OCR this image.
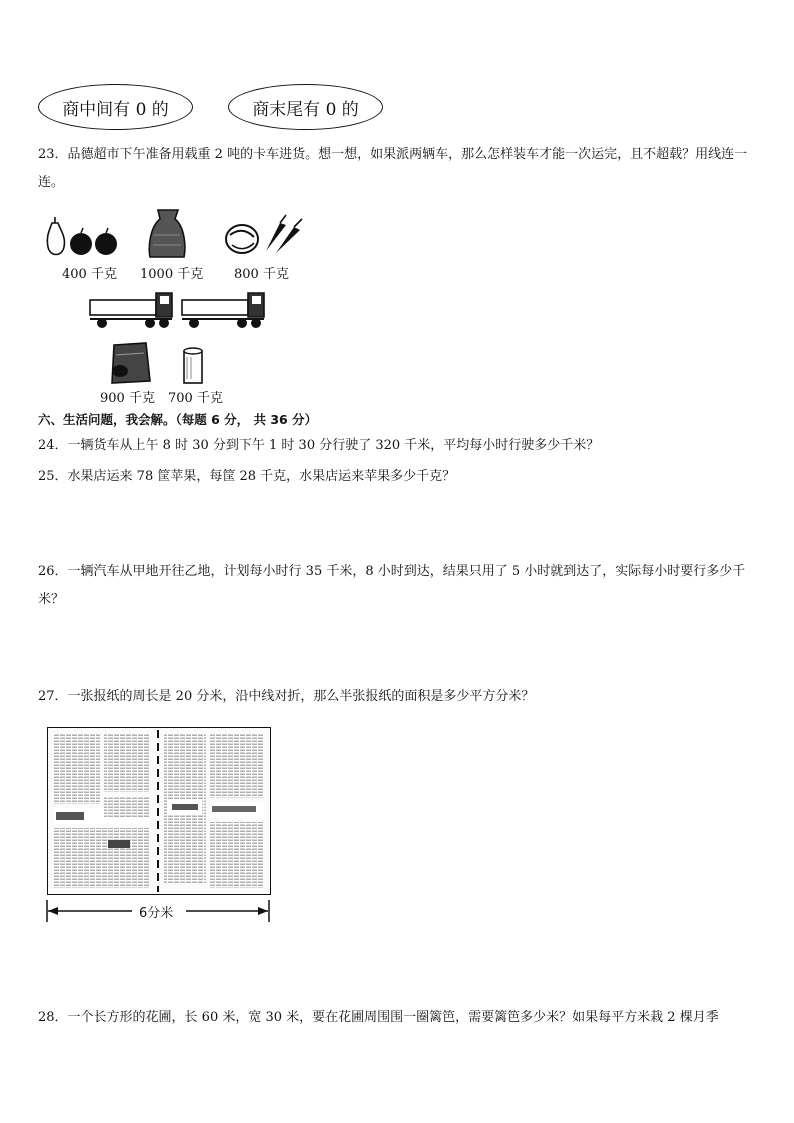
商中间有 0 的	商末尾有 0 的
23．品德超市下午准备用载重 2 吨的卡车进货。想一想，如果派两辆车，那么怎样装车才能一次运完，且不超载？用线连一连。
400 千克 1000 千克 800 千克
900 千克 700 千克
六、生活问题，我会解。（每题 6 分， 共 36 分）
24．一辆货车从上午 8 时 30 分到下午 1 时 30 分行驶了 320 千米，平均每小时行驶多少千米？
25．水果店运来 78 筐苹果，每筐 28 千克，水果店运来苹果多少千克？
26．一辆汽车从甲地开往乙地，计划每小时行 35 千米，8 小时到达，结果只用了 5 小时就到达了，实际每小时要行多少千米？
27．一张报纸的周长是 20 分米，沿中线对折，那么半张报纸的面积是多少平方分米？
6分米
28．一个长方形的花圃，长 60 米，宽 30 米，要在花圃周围围一圈篱笆，需要篱笆多少米？如果每平方米栽 2 棵月季
